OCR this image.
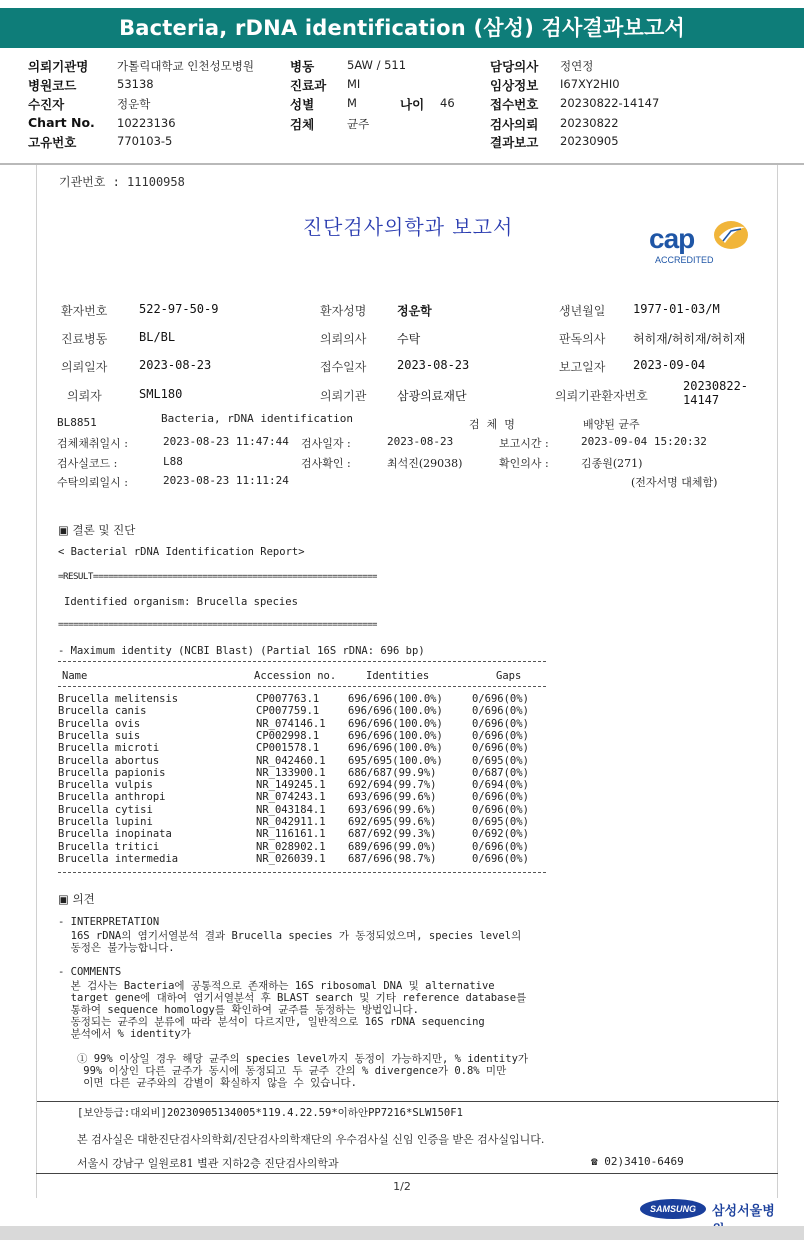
Bacteria, rDNA identification (삼성) 검사결과보고서
의뢰기관명 가톨릭대학교 인천성모병원	병동	5AW / 511	담당의사 정연정
병원코드	53138	진료과 MI	임상정보 I67XY2HI0
수진자	정운학	성별	M	나이 46	접수번호 20230822-14147
Chart No. 10223136	검체	균주	검사의뢰 20230822
고유번호	770103-5	결과보고 20230905
기관번호 : 11100958
진단검사의학과 보고서	cap
ACCREDITED
환자번호	522-97-50-9	환자성명	정운학	생년월일 1977-01-03/M
진료병동	BL/BL	의뢰의사	수탁	판독의사 허히재/허히재/허히재
의뢰일자	2023-08-23	접수일자	2023-08-23	보고일자 2023-09-04
의뢰자	SML180	의뢰기관	삼광의료재단	의뢰기관환자번호
20230822-
14147
BL8851	Bacteria, rDNA identification	검  체  명	배양된 균주
검체채취일시 :	2023-08-23 11:47:44 검사일자 :	2023-08-23	보고시간 :	2023-09-04 15:20:32
검사실코드 :	L88	검사확인 :	최석진(29038)	확인의사 :	김종원(271)
수탁의뢰일시 :	2023-08-23 11:11:24	(전자서명 대체함)
▣ 결론 및 진단
< Bacterial rDNA Identification Report>
=RESULT=========================================================
Identified organism: Brucella species
================================================================
- Maximum identity (NCBI Blast) (Partial 16S rDNA: 696 bp)
Name	Accession no.	Identities	Gaps
Brucella melitensis	CP007763.1	696/696(100.0%)	0/696(0%)
Brucella canis	CP007759.1	696/696(100.0%)	0/696(0%)
Brucella ovis	NR_074146.1 696/696(100.0%)	0/696(0%)
Brucella suis	CP002998.1	696/696(100.0%)	0/696(0%)
Brucella microti	CP001578.1	696/696(100.0%)	0/696(0%)
Brucella abortus	NR_042460.1 695/695(100.0%)	0/695(0%)
Brucella papionis	NR_133900.1 686/687(99.9%)	0/687(0%)
Brucella vulpis	NR_149245.1 692/694(99.7%)	0/694(0%)
Brucella anthropi	NR_074243.1 693/696(99.6%)	0/696(0%)
Brucella cytisi	NR_043184.1 693/696(99.6%)	0/696(0%)
Brucella lupini	NR_042911.1 692/695(99.6%)	0/695(0%)
Brucella inopinata	NR_116161.1 687/692(99.3%)	0/692(0%)
Brucella tritici	NR_028902.1 689/696(99.0%)	0/696(0%)
Brucella intermedia	NR_026039.1 687/696(98.7%)	0/696(0%)
▣ 의견
- INTERPRETATION
16S rDNA의 염기서열분석 결과 Brucella species 가 동정되었으며, species level의
동정은 불가능합니다.
- COMMENTS
본 검사는 Bacteria에 공통적으로 존재하는 16S ribosomal DNA 및 alternative
target gene에 대하여 염기서열분석 후 BLAST search 및 기타 reference database를
통하여 sequence homology를 확인하여 균주를 동정하는 방법입니다.
동정되는 균주의 분류에 따라 분석이 다르지만, 일반적으로 16S rDNA sequencing
분석에서 % identity가
① 99% 이상일 경우 해당 균주의 species level까지 동정이 가능하지만, % identity가
99% 이상인 다른 균주가 동시에 동정되고 두 균주 간의 % divergence가 0.8% 미만
이면 다른 균주와의 감별이 확실하지 않을 수 있습니다.
[보안등급:대외비]20230905134005*119.4.22.59*이하안PP7216*SLW150F1
본 검사실은 대한진단검사의학회/진단검사의학재단의 우수검사실 신임 인증을 받은 검사실입니다.
서울시 강남구 일원로81 별관 지하2층 진단검사의학과	☎ 02)3410-6469
1/2
SAMSUNG	삼성서울병
